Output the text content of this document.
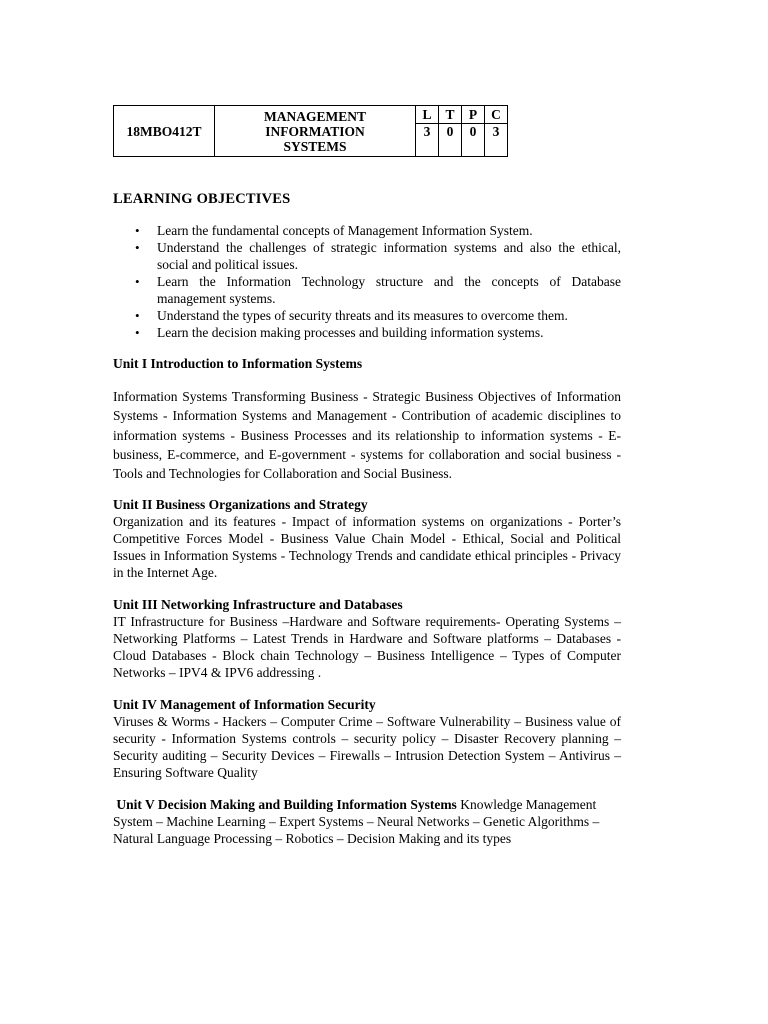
18MBO412T	MANAGEMENT
INFORMATION
SYSTEMS	L	T	P	C
		3	0	0	3
LEARNING OBJECTIVES
• Learn the fundamental concepts of Management Information System.
• Understand the challenges of strategic information systems and also the ethical, social and political issues.
• Learn the Information Technology structure and the concepts of Database management systems.
• Understand the types of security threats and its measures to overcome them.
• Learn the decision making processes and building information systems.
Unit I Introduction to Information Systems

Information Systems Transforming Business - Strategic Business Objectives of Information Systems - Information Systems and Management - Contribution of academic disciplines to information systems - Business Processes and its relationship to information systems - E-business, E-commerce, and E-government - systems for collaboration and social business - Tools and Technologies for Collaboration and Social Business.

Unit II Business Organizations and Strategy

Organization and its features - Impact of information systems on organizations - Porter’s Competitive Forces Model - Business Value Chain Model - Ethical, Social and Political Issues in Information Systems - Technology Trends and candidate ethical principles - Privacy in the Internet Age.

Unit III Networking Infrastructure and Databases

IT Infrastructure for Business –Hardware and Software requirements- Operating Systems – Networking Platforms – Latest Trends in Hardware and Software platforms – Databases - Cloud Databases - Block chain Technology – Business Intelligence – Types of Computer Networks – IPV4 & IPV6 addressing .

Unit IV Management of Information Security

Viruses & Worms - Hackers – Computer Crime – Software Vulnerability – Business value of security - Information Systems controls – security policy – Disaster Recovery planning – Security auditing – Security Devices – Firewalls – Intrusion Detection System – Antivirus – Ensuring Software Quality

Unit V Decision Making and Building Information Systems Knowledge Management System – Machine Learning – Expert Systems – Neural Networks – Genetic Algorithms – Natural Language Processing – Robotics – Decision Making and its types
